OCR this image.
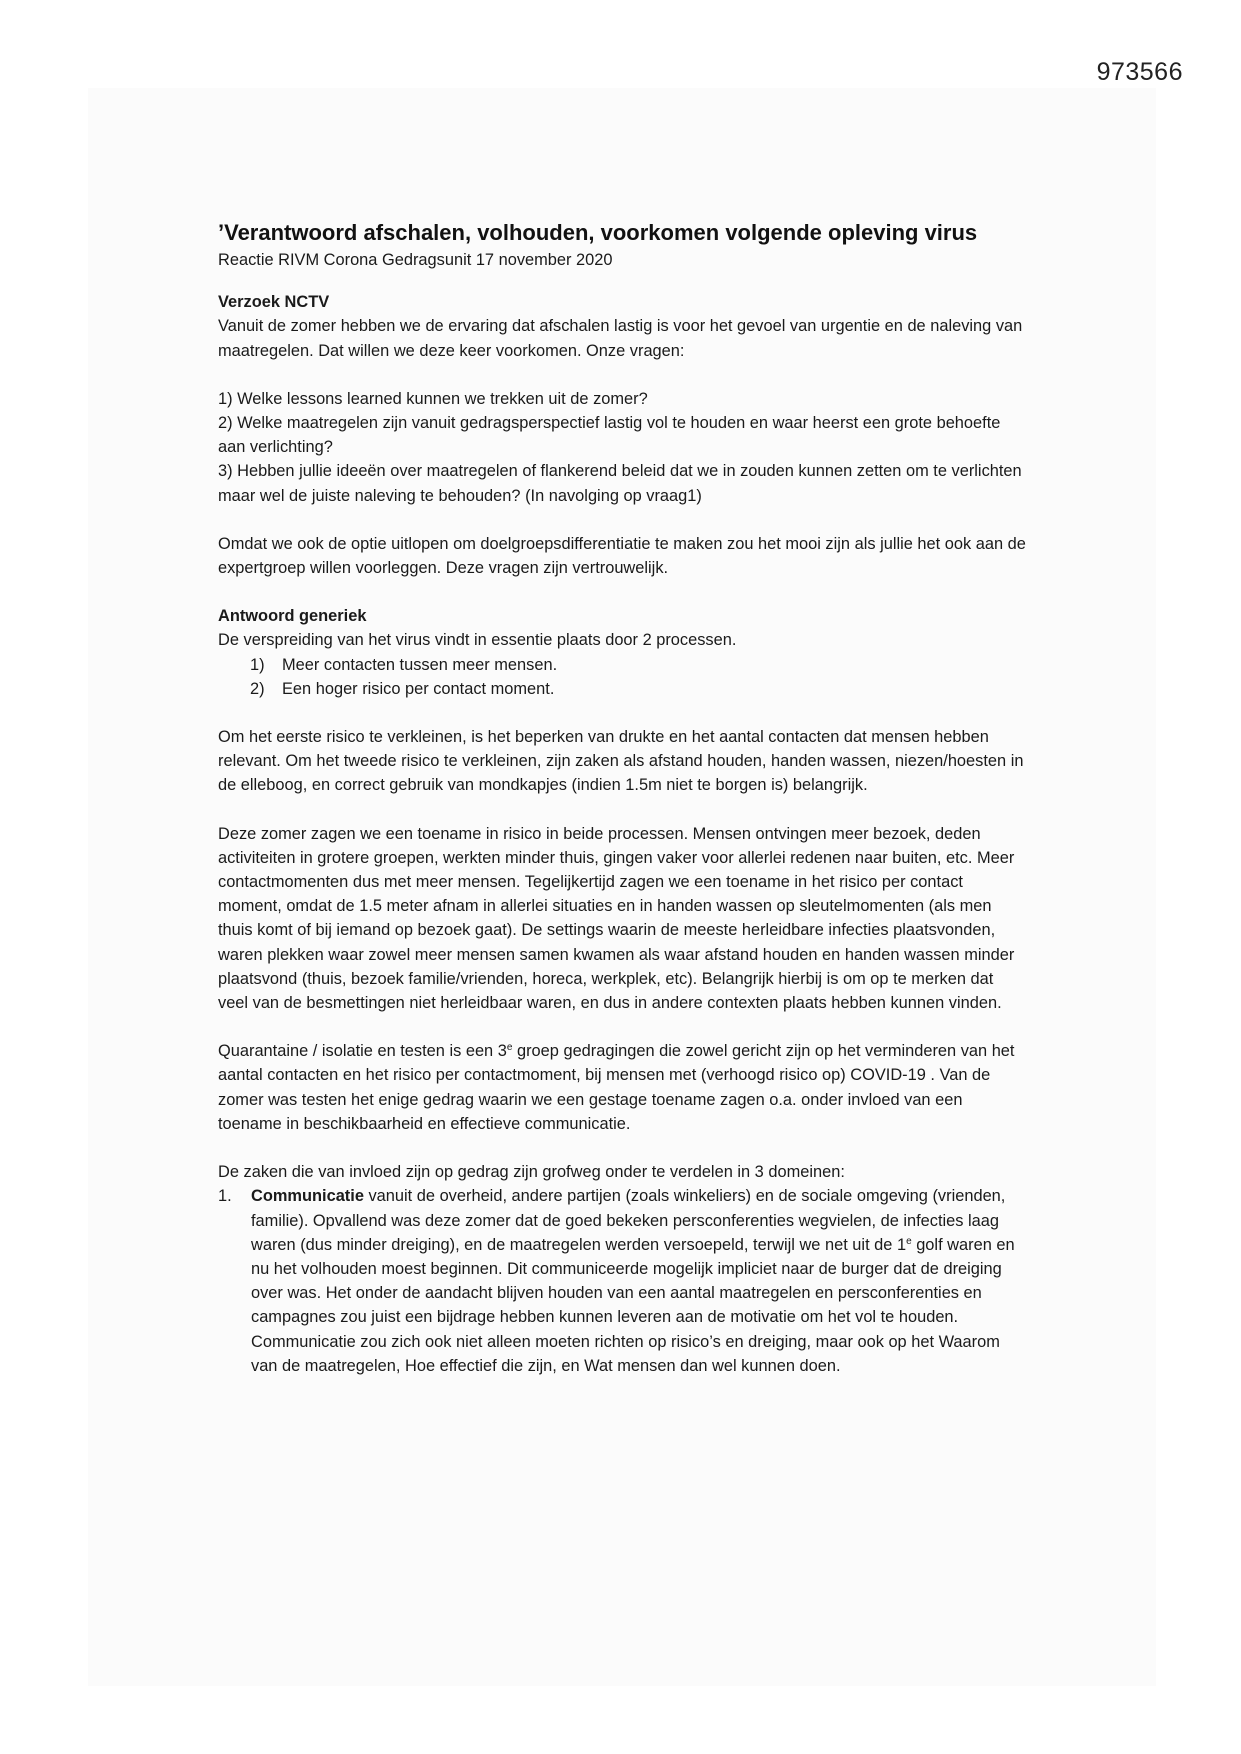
973566
’Verantwoord afschalen, volhouden, voorkomen volgende opleving virus

Reactie RIVM Corona Gedragsunit 17 november 2020

Verzoek NCTV

Vanuit de zomer hebben we de ervaring dat afschalen lastig is voor het gevoel van urgentie en de naleving van maatregelen. Dat willen we deze keer voorkomen. Onze vragen:

1) Welke lessons learned kunnen we trekken uit de zomer?

2) Welke maatregelen zijn vanuit gedragsperspectief lastig vol te houden en waar heerst een grote behoefte aan verlichting?

3) Hebben jullie ideeën over maatregelen of flankerend beleid dat we in zouden kunnen zetten om te verlichten maar wel de juiste naleving te behouden? (In navolging op vraag1)

Omdat we ook de optie uitlopen om doelgroepsdifferentiatie te maken zou het mooi zijn als jullie het ook aan de expertgroep willen voorleggen. Deze vragen zijn vertrouwelijk.

Antwoord generiek

De verspreiding van het virus vindt in essentie plaats door 2 processen.

1) Meer contacten tussen meer mensen.
2) Een hoger risico per contact moment.

Om het eerste risico te verkleinen, is het beperken van drukte en het aantal contacten dat mensen hebben relevant. Om het tweede risico te verkleinen, zijn zaken als afstand houden, handen wassen, niezen/hoesten in de elleboog, en correct gebruik van mondkapjes (indien 1.5m niet te borgen is) belangrijk.

Deze zomer zagen we een toename in risico in beide processen. Mensen ontvingen meer bezoek, deden activiteiten in grotere groepen, werkten minder thuis, gingen vaker voor allerlei redenen naar buiten, etc. Meer contactmomenten dus met meer mensen. Tegelijkertijd zagen we een toename in het risico per contact moment, omdat de 1.5 meter afnam in allerlei situaties en in handen wassen op sleutelmomenten (als men thuis komt of bij iemand op bezoek gaat). De settings waarin de meeste herleidbare infecties plaatsvonden, waren plekken waar zowel meer mensen samen kwamen als waar afstand houden en handen wassen minder plaatsvond (thuis, bezoek familie/vrienden, horeca, werkplek, etc). Belangrijk hierbij is om op te merken dat veel van de besmettingen niet herleidbaar waren, en dus in andere contexten plaats hebben kunnen vinden.

Quarantaine / isolatie en testen is een 3e groep gedragingen die zowel gericht zijn op het verminderen van het aantal contacten en het risico per contactmoment, bij mensen met (verhoogd risico op) COVID-19 . Van de zomer was testen het enige gedrag waarin we een gestage toename zagen o.a. onder invloed van een toename in beschikbaarheid en effectieve communicatie.

De zaken die van invloed zijn op gedrag zijn grofweg onder te verdelen in 3 domeinen:

1. Communicatie vanuit de overheid, andere partijen (zoals winkeliers) en de sociale omgeving (vrienden, familie). Opvallend was deze zomer dat de goed bekeken persconferenties wegvielen, de infecties laag waren (dus minder dreiging), en de maatregelen werden versoepeld, terwijl we net uit de 1e golf waren en nu het volhouden moest beginnen. Dit communiceerde mogelijk impliciet naar de burger dat de dreiging over was. Het onder de aandacht blijven houden van een aantal maatregelen en persconferenties en campagnes zou juist een bijdrage hebben kunnen leveren aan de motivatie om het vol te houden. Communicatie zou zich ook niet alleen moeten richten op risico’s en dreiging, maar ook op het Waarom van de maatregelen, Hoe effectief die zijn, en Wat mensen dan wel kunnen doen.
